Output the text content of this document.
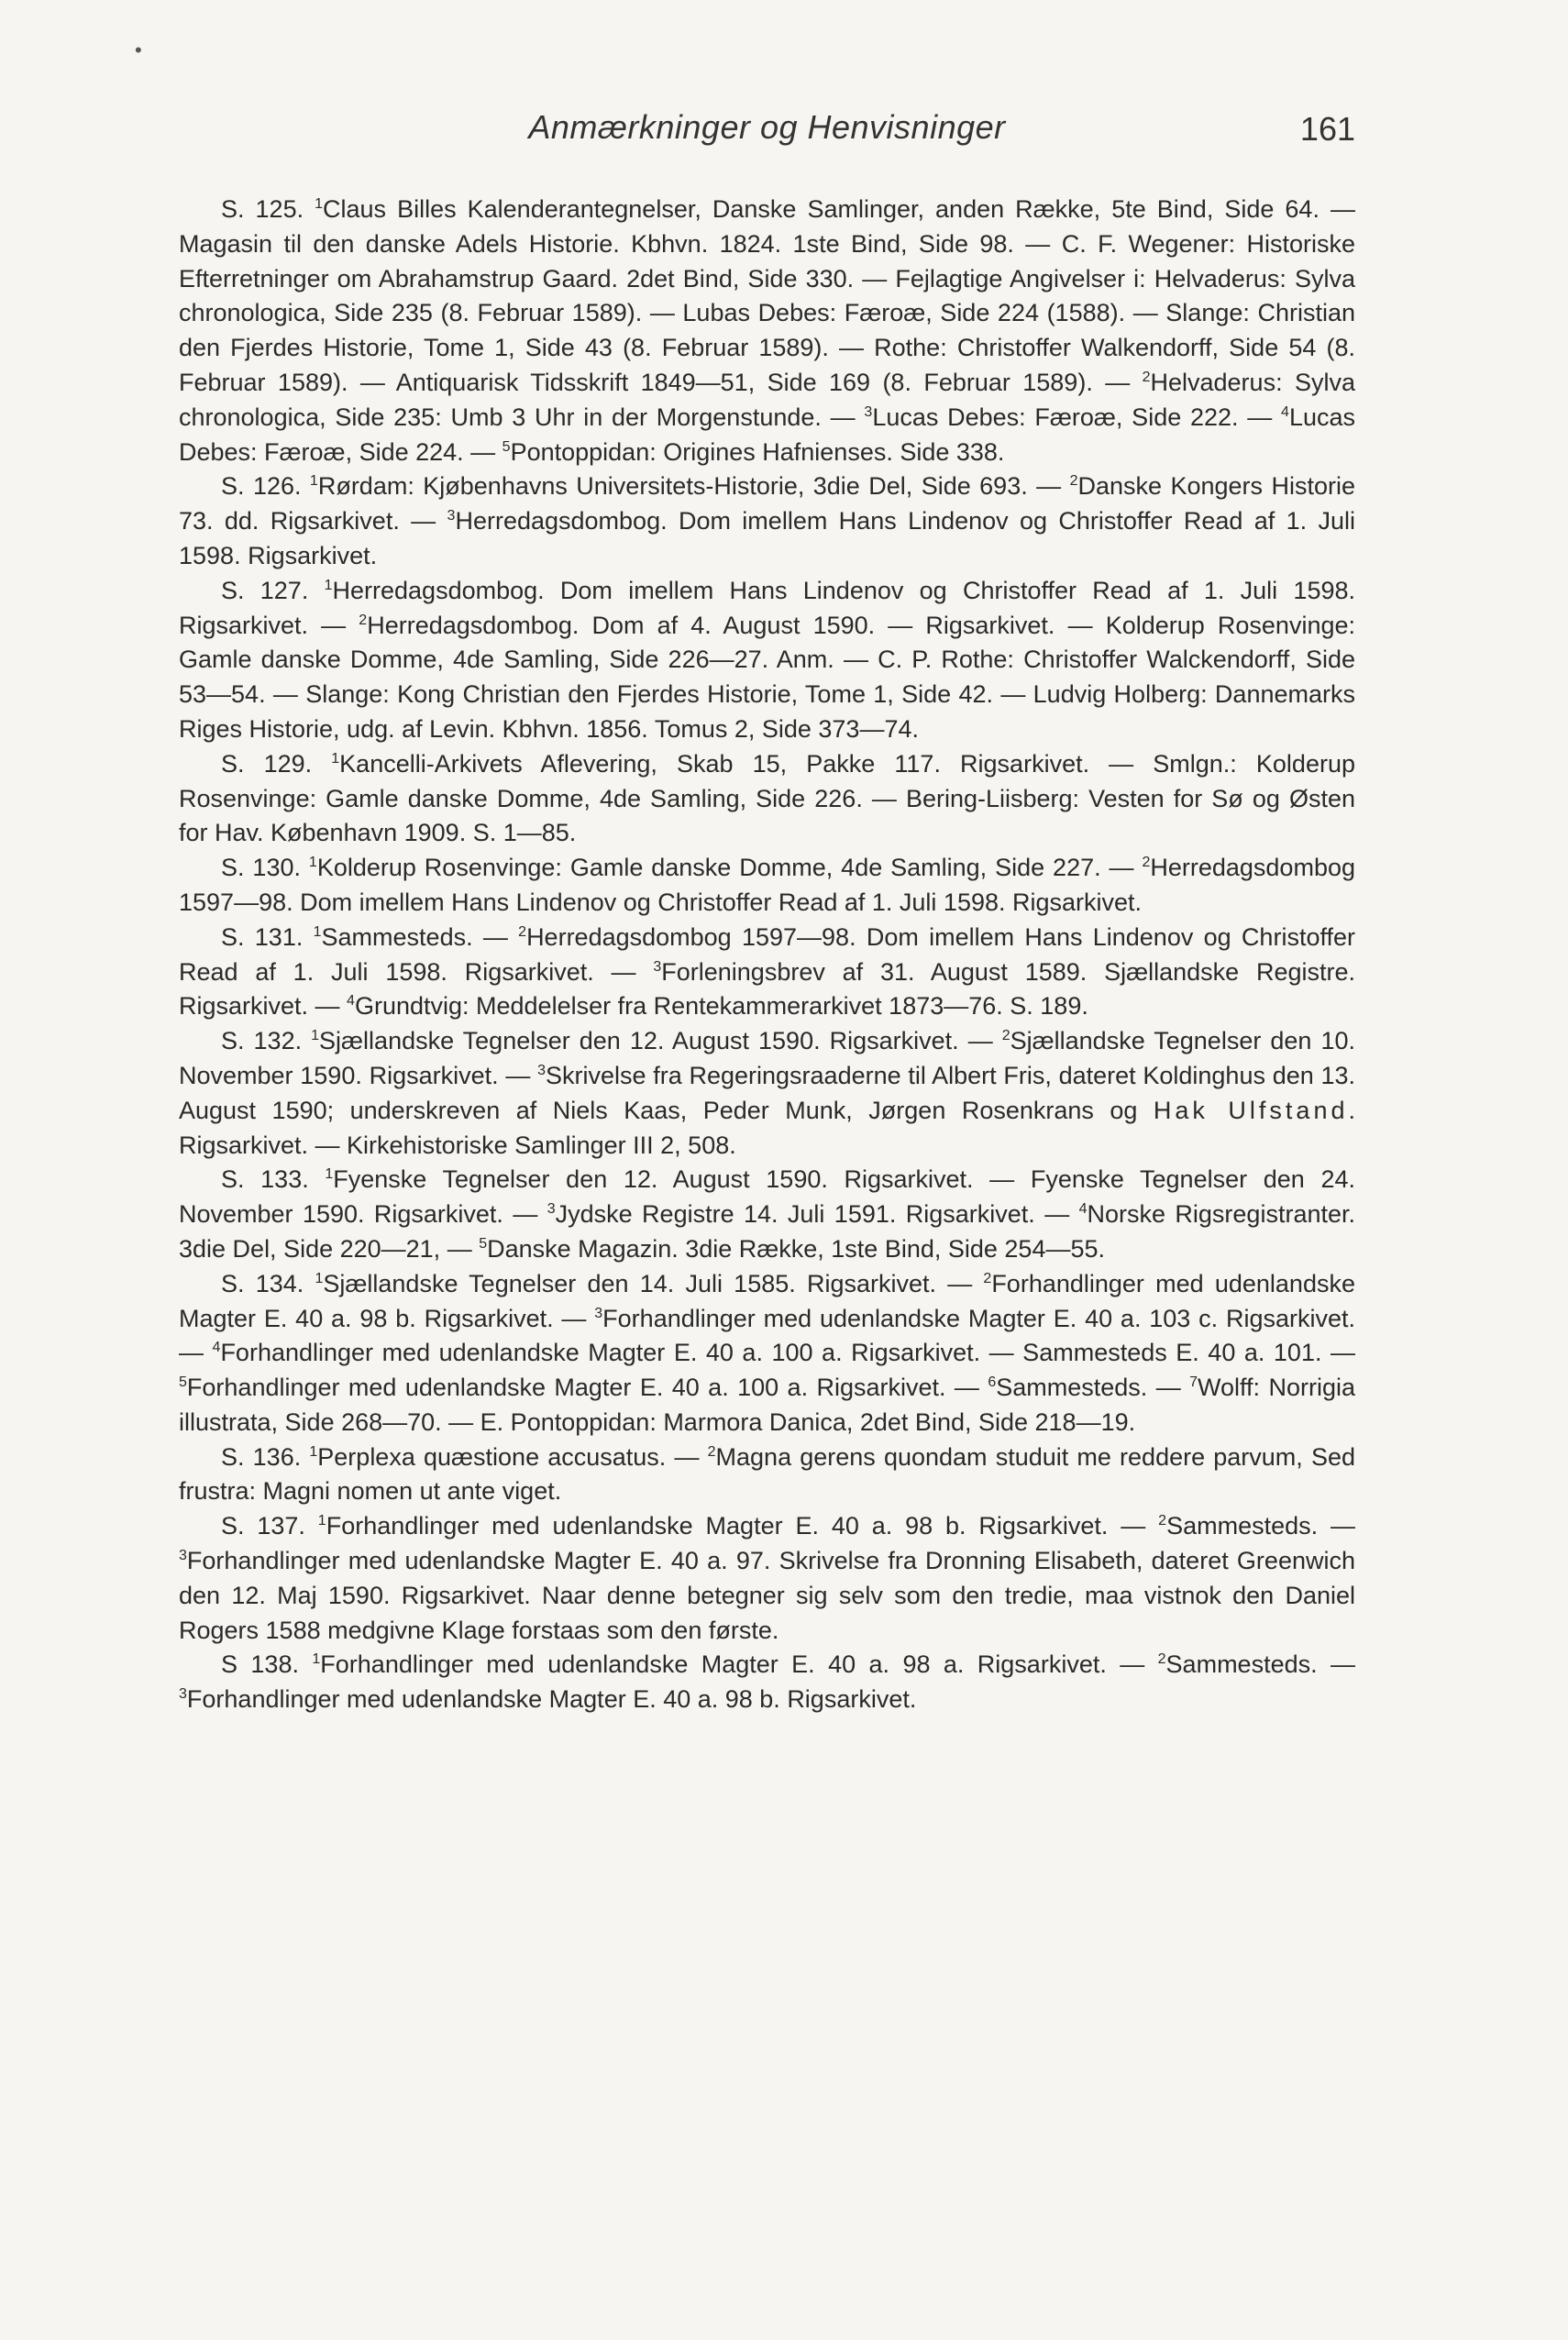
•
Anmærkninger og Henvisninger	161

S. 125. $^1$Claus Billes Kalenderantegnelser, Danske Samlinger, anden Række, 5te Bind, Side 64. — Magasin til den danske Adels Historie. Kbhvn. 1824. 1ste Bind, Side 98. — C. F. Wegener: Historiske Efterretninger om Abrahamstrup Gaard. 2det Bind, Side 330. — Fejlagtige Angivelser i: Helvaderus: Sylva chronologica, Side 235 (8. Februar 1589). — Lubas Debes: Færoæ, Side 224 (1588). — Slange: Christian den Fjerdes Historie, Tome 1, Side 43 (8. Februar 1589). — Rothe: Christoffer Walkendorff, Side 54 (8. Februar 1589). — Antiquarisk Tidsskrift 1849—51, Side 169 (8. Februar 1589). — $^2$Helvaderus: Sylva chronologica, Side 235: Umb 3 Uhr in der Morgenstunde. — $^3$Lucas Debes: Færoæ, Side 222. — $^4$Lucas Debes: Færoæ, Side 224. — $^5$Pontoppidan: Origines Hafnienses. Side 338.

S. 126. $^1$Rørdam: Kjøbenhavns Universitets-Historie, 3die Del, Side 693. — $^2$Danske Kongers Historie 73. dd. Rigsarkivet. — $^3$Herredagsdombog. Dom imellem Hans Lindenov og Christoffer Read af 1. Juli 1598. Rigsarkivet.

S. 127. $^1$Herredagsdombog. Dom imellem Hans Lindenov og Christoffer Read af 1. Juli 1598. Rigsarkivet. — $^2$Herredagsdombog. Dom af 4. August 1590. — Rigsarkivet. — Kolderup Rosenvinge: Gamle danske Domme, 4de Samling, Side 226—27. Anm. — C. P. Rothe: Christoffer Walckendorff, Side 53—54. — Slange: Kong Christian den Fjerdes Historie, Tome 1, Side 42. — Ludvig Holberg: Dannemarks Riges Historie, udg. af Levin. Kbhvn. 1856. Tomus 2, Side 373—74.

S. 129. $^1$Kancelli-Arkivets Aflevering, Skab 15, Pakke 117. Rigsarkivet. — Smlgn.: Kolderup Rosenvinge: Gamle danske Domme, 4de Samling, Side 226. — Bering-Liisberg: Vesten for Sø og Østen for Hav. København 1909. S. 1—85.

S. 130. $^1$Kolderup Rosenvinge: Gamle danske Domme, 4de Samling, Side 227. — $^2$Herredagsdombog 1597—98. Dom imellem Hans Lindenov og Christoffer Read af 1. Juli 1598. Rigsarkivet.

S. 131. $^1$Sammesteds. — $^2$Herredagsdombog 1597—98. Dom imellem Hans Lindenov og Christoffer Read af 1. Juli 1598. Rigsarkivet. — $^3$Forleningsbrev af 31. August 1589. Sjællandske Registre. Rigsarkivet. — $^4$Grundtvig: Meddelelser fra Rentekammerarkivet 1873—76. S. 189.

S. 132. $^1$Sjællandske Tegnelser den 12. August 1590. Rigsarkivet. — $^2$Sjællandske Tegnelser den 10. November 1590. Rigsarkivet. — $^3$Skrivelse fra Regeringsraaderne til Albert Fris, dateret Koldinghus den 13. August 1590; underskreven af Niels Kaas, Peder Munk, Jørgen Rosenkrans og Hak Ulfstand. Rigsarkivet. — Kirkehistoriske Samlinger III 2, 508.

S. 133. $^1$Fyenske Tegnelser den 12. August 1590. Rigsarkivet. — Fyenske Tegnelser den 24. November 1590. Rigsarkivet. — $^3$Jydske Registre 14. Juli 1591. Rigsarkivet. — $^4$Norske Rigsregistranter. 3die Del, Side 220—21, — $^5$Danske Magazin. 3die Række, 1ste Bind, Side 254—55.

S. 134. $^1$Sjællandske Tegnelser den 14. Juli 1585. Rigsarkivet. — $^2$Forhandlinger med udenlandske Magter E. 40 a. 98 b. Rigsarkivet. — $^3$Forhandlinger med udenlandske Magter E. 40 a. 103 c. Rigsarkivet. — $^4$Forhandlinger med udenlandske Magter E. 40 a. 100 a. Rigsarkivet. — Sammesteds E. 40 a. 101. — $^5$Forhandlinger med udenlandske Magter E. 40 a. 100 a. Rigsarkivet. — $^6$Sammesteds. — $^7$Wolff: Norrigia illustrata, Side 268—70. — E. Pontoppidan: Marmora Danica, 2det Bind, Side 218—19.

S. 136. $^1$Perplexa quæstione accusatus. — $^2$Magna gerens quondam studuit me reddere parvum, Sed frustra: Magni nomen ut ante viget.

S. 137. $^1$Forhandlinger med udenlandske Magter E. 40 a. 98 b. Rigsarkivet. — $^2$Sammesteds. — $^3$Forhandlinger med udenlandske Magter E. 40 a. 97. Skrivelse fra Dronning Elisabeth, dateret Greenwich den 12. Maj 1590. Rigsarkivet. Naar denne betegner sig selv som den tredie, maa vistnok den Daniel Rogers 1588 medgivne Klage forstaas som den første.

S 138. $^1$Forhandlinger med udenlandske Magter E. 40 a. 98 a. Rigsarkivet. — $^2$Sammesteds. — $^3$Forhandlinger med udenlandske Magter E. 40 a. 98 b. Rigsarkivet.
